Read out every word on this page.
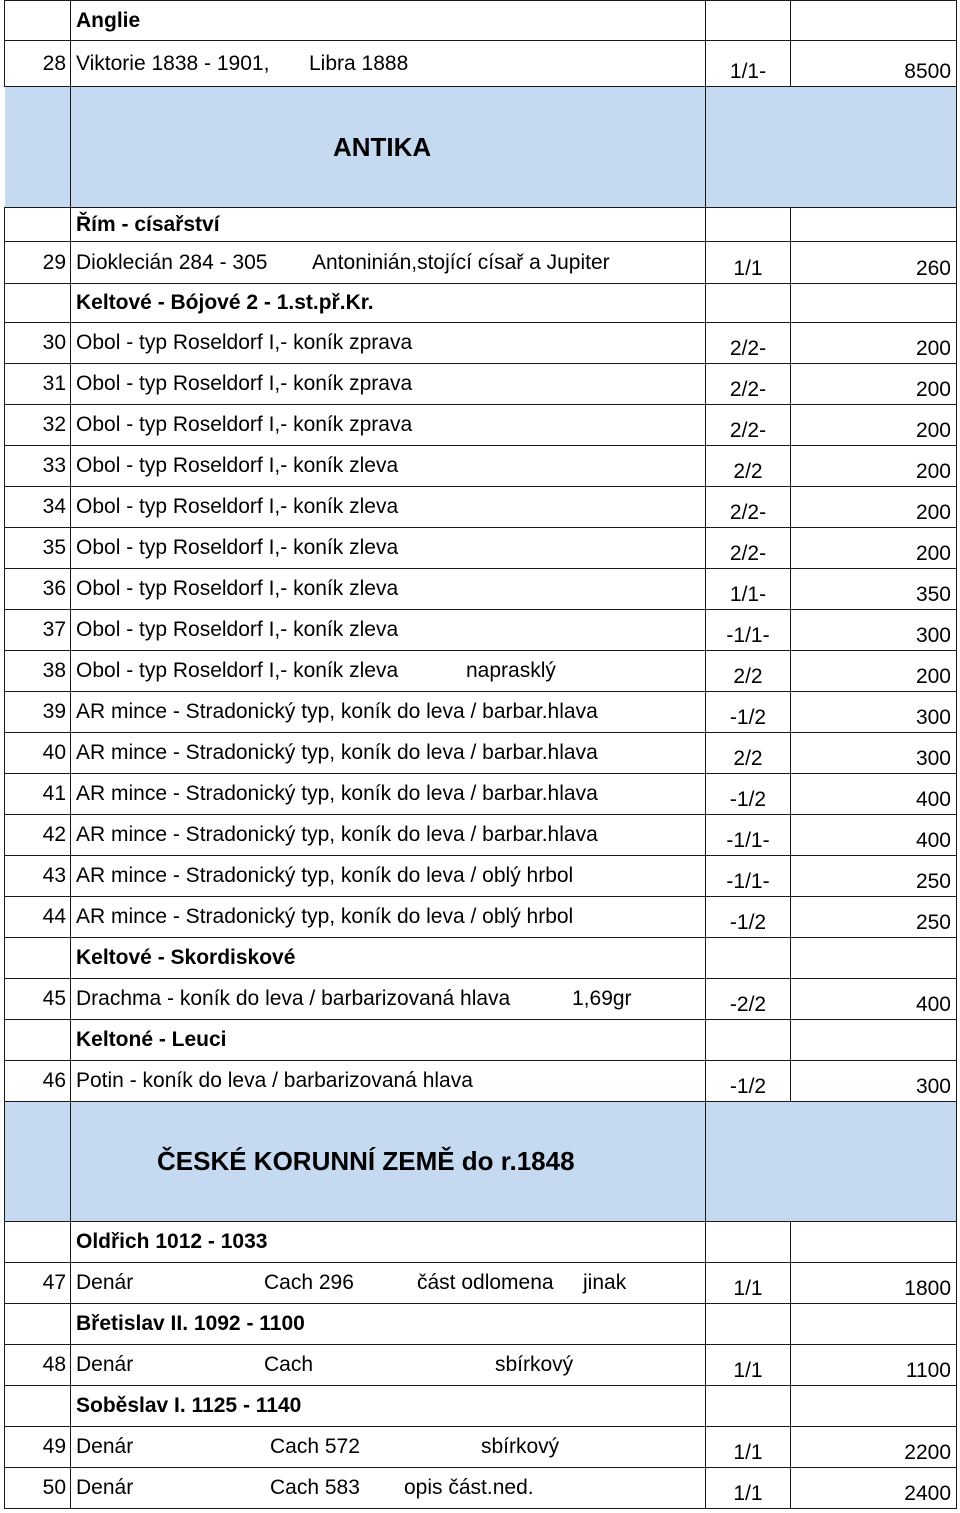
	Anglie		
28	Viktorie 1838 - 1901, Libra 1888	1/1-	8500
	ANTIKA		
	Řím - císařství		
29	Dioklecián 284 - 305 Antoninián,stojící císař a Jupiter	1/1	260
	Keltové - Bójové 2 - 1.st.př.Kr.		
30	Obol - typ Roseldorf I,- koník zprava	2/2-	200
31	Obol - typ Roseldorf I,- koník zprava	2/2-	200
32	Obol - typ Roseldorf I,- koník zprava	2/2-	200
33	Obol - typ Roseldorf I,- koník zleva	2/2	200
34	Obol - typ Roseldorf I,- koník zleva	2/2-	200
35	Obol - typ Roseldorf I,- koník zleva	2/2-	200
36	Obol - typ Roseldorf I,- koník zleva	1/1-	350
37	Obol - typ Roseldorf I,- koník zleva	-1/1-	300
38	Obol - typ Roseldorf I,- koník zleva naprasklý	2/2	200
39	AR mince - Stradonický typ, koník do leva / barbar.hlava	-1/2	300
40	AR mince - Stradonický typ, koník do leva / barbar.hlava	2/2	300
41	AR mince - Stradonický typ, koník do leva / barbar.hlava	-1/2	400
42	AR mince - Stradonický typ, koník do leva / barbar.hlava	-1/1-	400
43	AR mince - Stradonický typ, koník do leva / oblý hrbol	-1/1-	250
44	AR mince - Stradonický typ, koník do leva / oblý hrbol	-1/2	250
	Keltové - Skordiskové		
45	Drachma - koník do leva / barbarizovaná hlava 1,69gr	-2/2	400
	Keltoné - Leuci		
46	Potin - koník do leva / barbarizovaná hlava	-1/2	300
	ČESKÉ KORUNNÍ ZEMĚ do r.1848		
	Oldřich 1012 - 1033		
47	Denár Cach 296 část odlomena jinak	1/1	1800
	Břetislav II. 1092 - 1100		
48	Denár Cach sbírkový	1/1	1100
	Soběslav I. 1125 - 1140		
49	Denár Cach 572 sbírkový	1/1	2200
50	Denár Cach 583 opis část.ned.	1/1	2400
